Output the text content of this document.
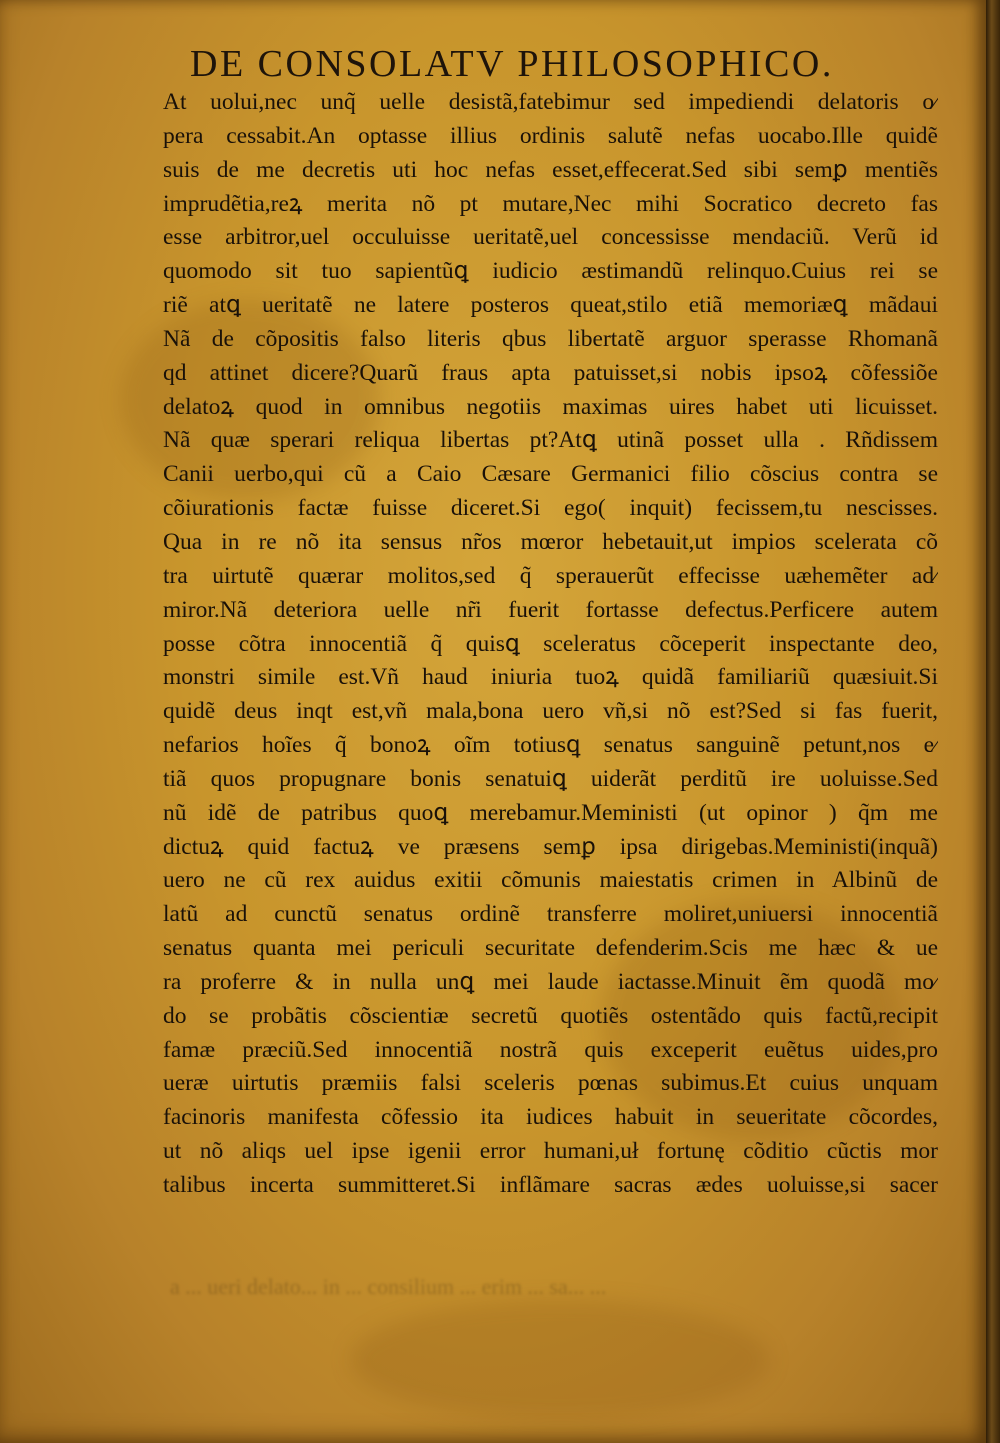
DE CONSOLATV PHILOSOPHICO.
At uolui,nec unq̃ uelle desistã,fatebimur sed impediendi delatoris o⁄
pera cessabit.An optasse illius ordinis salutẽ nefas uocabo.Ille quidẽ
suis de me decretis uti hoc nefas esset,effecerat.Sed sibi semꝑ mentiẽs
imprudẽtia,reꝝ merita nõ pt mutare,Nec mihi Socratico decreto fas
esse arbitror,uel occuluisse ueritatẽ,uel concessisse mendaciũ. Verũ id
quomodo sit tuo sapientũꝗ iudicio æstimandũ relinquo.Cuius rei se
riẽ atꝗ ueritatẽ ne latere posteros queat,stilo etiã memoriæꝗ mãdaui
Nã de cõpositis falso literis qbus libertatẽ arguor sperasse Rhomanã
qd attinet dicere?Quarũ fraus apta patuisset,si nobis ipsoꝝ cõfessiõe
delatoꝝ quod in omnibus negotiis maximas uires habet uti licuisset.
Nã quæ sperari reliqua libertas pt?Atꝗ utinã posset ulla . Rñdissem
Canii uerbo,qui cũ a Caio Cæsare Germanici filio cõscius contra se
cõiurationis factæ fuisse diceret.Si ego( inquit) fecissem,tu nescisses.
Qua in re nõ ita sensus nr̃os mœror hebetauit,ut impios scelerata cõ
tra uirtutẽ quærar molitos,sed q̃ sperauerũt effecisse uæhemẽter ad⁄
miror.Nã deteriora uelle nr̃i fuerit fortasse defectus.Perficere autem
posse cõtra innocentiã q̃ quisꝗ sceleratus cõceperit inspectante deo,
monstri simile est.Vñ haud iniuria tuoꝝ quidã familiariũ quæsiuit.Si
quidẽ deus inqt est,vñ mala,bona uero vñ,si nõ est?Sed si fas fuerit,
nefarios hoĩes q̃ bonoꝝ oĩm totiusꝗ senatus sanguinẽ petunt,nos e⁄
tiã quos propugnare bonis senatuiꝗ uiderãt perditũ ire uoluisse.Sed
nũ idẽ de patribus quoꝗ merebamur.Meministi (ut opinor ) q̃m me
dictuꝝ quid factuꝝ ve præsens semꝑ ipsa dirigebas.Meministi(inquã)
uero ne cũ rex auidus exitii cõmunis maiestatis crimen in Albinũ de
latũ ad cunctũ senatus ordinẽ transferre moliret,uniuersi innocentiã
senatus quanta mei periculi securitate defenderim.Scis me hæc & ue
ra proferre & in nulla unꝗ mei laude iactasse.Minuit ẽm quodã mo⁄
do se probãtis cõscientiæ secretũ quotiẽs ostentãdo quis factũ,recipit
famæ præciũ.Sed innocentiã nostrã quis exceperit euẽtus uides,pro
ueræ uirtutis præmiis falsi sceleris pœnas subimus.Et cuius unquam
facinoris manifesta cõfessio ita iudices habuit in seueritate cõcordes,
ut nõ aliqs uel ipse igenii error humani,uł fortunę cõditio cũctis mor
talibus incerta summitteret.Si inflãmare sacras ædes uoluisse,si sacer
a ... ueri delato... in ... consilium ... erim ... sa... ...
